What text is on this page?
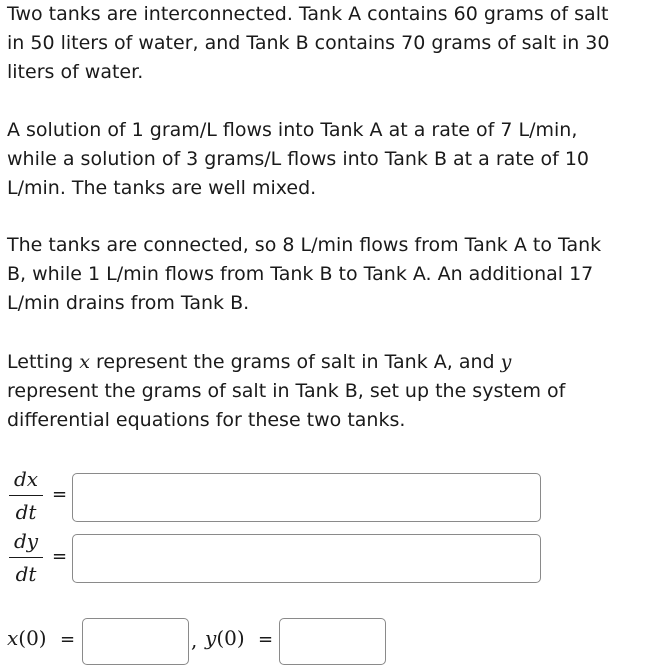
Two tanks are interconnected. Tank A contains 60 grams of salt
in 50 liters of water, and Tank B contains 70 grams of salt in 30
liters of water.
A solution of 1 gram/L flows into Tank A at a rate of 7 L/min,
while a solution of 3 grams/L flows into Tank B at a rate of 10
L/min. The tanks are well mixed.
The tanks are connected, so 8 L/min flows from Tank A to Tank
B, while 1 L/min flows from Tank B to Tank A. An additional 17
L/min drains from Tank B.
Letting x represent the grams of salt in Tank A, and y
represent the grams of salt in Tank B, set up the system of
differential equations for these two tanks.
dx
dt
=
dy
dt
=
x(0) =	, y(0) =
